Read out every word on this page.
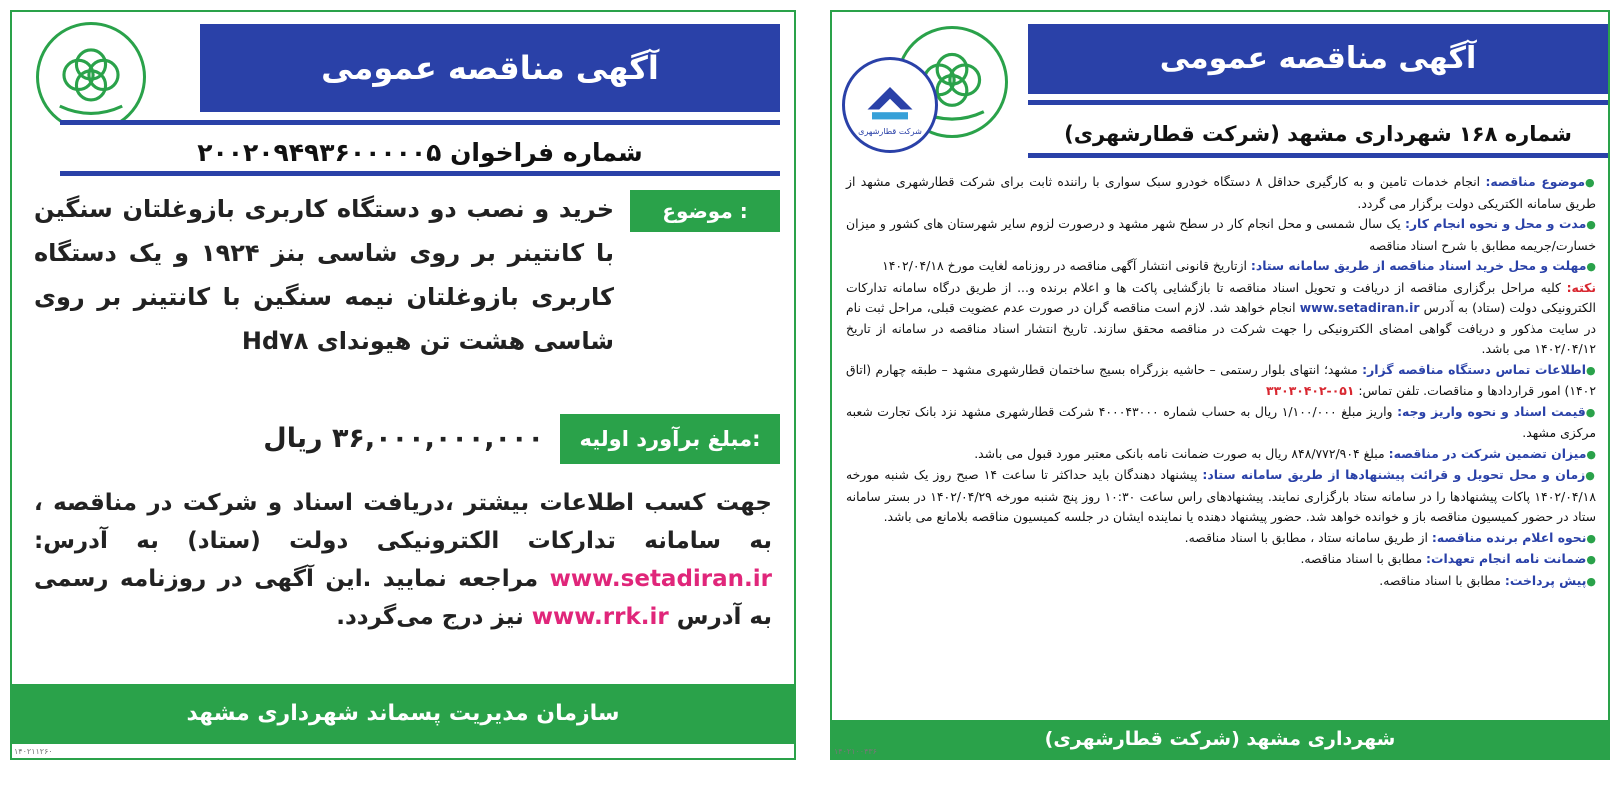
شرکت قطارشهری
آگهی مناقصه عمومی
شماره ۱۶۸ شهرداری مشهد (شرکت قطارشهری)

●موضوع مناقصه: انجام خدمات تامین و به کارگیری حداقل ۸ دستگاه خودرو سبک سواری با راننده ثابت برای شرکت قطارشهری مشهد از طریق سامانه الکتریکی دولت برگزار می گردد.

●مدت و محل و نحوه انجام کار: یک سال شمسی و محل انجام کار در سطح شهر مشهد و درصورت لزوم سایر شهرستان های کشور و میزان خسارت/جریمه مطابق با شرح اسناد مناقصه

●مهلت و محل خرید اسناد مناقصه از طریق سامانه ستاد: ازتاریخ قانونی انتشار آگهی مناقصه در روزنامه لغایت مورخ ۱۴۰۲/۰۴/۱۸

نکته: کلیه مراحل برگزاری مناقصه از دریافت و تحویل اسناد مناقصه تا بازگشایی پاکت ها و اعلام برنده و... از طریق درگاه سامانه تدارکات الکترونیکی دولت (ستاد) به آدرس www.setadiran.ir انجام خواهد شد. لازم است مناقصه گران در صورت عدم عضویت قبلی، مراحل ثبت نام در سایت مذکور و دریافت گواهی امضای الکترونیکی را جهت شرکت در مناقصه محقق سازند. تاریخ انتشار اسناد مناقصه در سامانه از تاریخ ۱۴۰۲/۰۴/۱۲ می باشد.

●اطلاعات تماس دستگاه مناقصه گزار: مشهد؛ انتهای بلوار رستمی – حاشیه بزرگراه بسیج ساختمان قطارشهری مشهد – طبقه چهارم (اتاق ۱۴۰۲) امور قراردادها و مناقصات. تلفن تماس: ۰۵۱-۳۳۰۳۰۴۰۲

●قیمت اسناد و نحوه واریز وجه: واریز مبلغ ۱/۱۰۰/۰۰۰ ریال به حساب شماره ۴۰۰۰۴۳۰۰۰ شرکت قطارشهری مشهد نزد بانک تجارت شعبه مرکزی مشهد.

●میزان تضمین شرکت در مناقصه: مبلغ ۸۴۸/۷۷۲/۹۰۴ ریال به صورت ضمانت نامه بانکی معتبر مورد قبول می باشد.

●زمان و محل تحویل و قرائت پیشنهادها از طریق سامانه ستاد: پیشنهاد دهندگان باید حداکثر تا ساعت ۱۴ صبح روز یک شنبه مورخه ۱۴۰۲/۰۴/۱۸ پاکات پیشنهادها را در سامانه ستاد بارگزاری نمایند. پیشنهادهای راس ساعت ۱۰:۳۰ روز پنج شنبه مورخه ۱۴۰۲/۰۴/۲۹ در بستر سامانه ستاد در حضور کمیسیون مناقصه باز و خوانده خواهد شد. حضور پیشنهاد دهنده یا نماینده ایشان در جلسه کمیسیون مناقصه بلامانع می باشد.

●نحوه اعلام برنده مناقصه: از طریق سامانه ستاد ، مطابق با اسناد مناقصه.

●ضمانت نامه انجام تعهدات: مطابق با اسناد مناقصه.

●پیش پرداخت: مطابق با اسناد مناقصه.

شهرداری مشهد (شرکت قطارشهری)
۱۴۰۲۱۰۰۴۳۶
آگهی مناقصه عمومی
شماره فراخوان ۲۰۰۲۰۹۴۹۳۶۰۰۰۰۰۵
موضوع :
خرید و نصب دو دستگاه کاربری بازوغلتان سنگین با کانتینر بر روی شاسی بنز ۱۹۲۴ و یک دستگاه کاربری بازوغلتان نیمه سنگین با کانتینر بر روی شاسی هشت تن هیوندای Hd۷۸
مبلغ برآورد اولیه:
۳۶,۰۰۰,۰۰۰,۰۰۰ ریال
جهت کسب اطلاعات بیشتر ،دریافت اسناد و شرکت در مناقصه ، به سامانه تدارکات الکترونیکی دولت (ستاد) به آدرس: www.setadiran.ir مراجعه نمایید .این آگهی در روزنامه رسمی به آدرس www.rrk.ir نیز درج می‌گردد.
سازمان مدیریت پسماند شهرداری مشهد
۱۴۰۲۱۱۲۶۰
